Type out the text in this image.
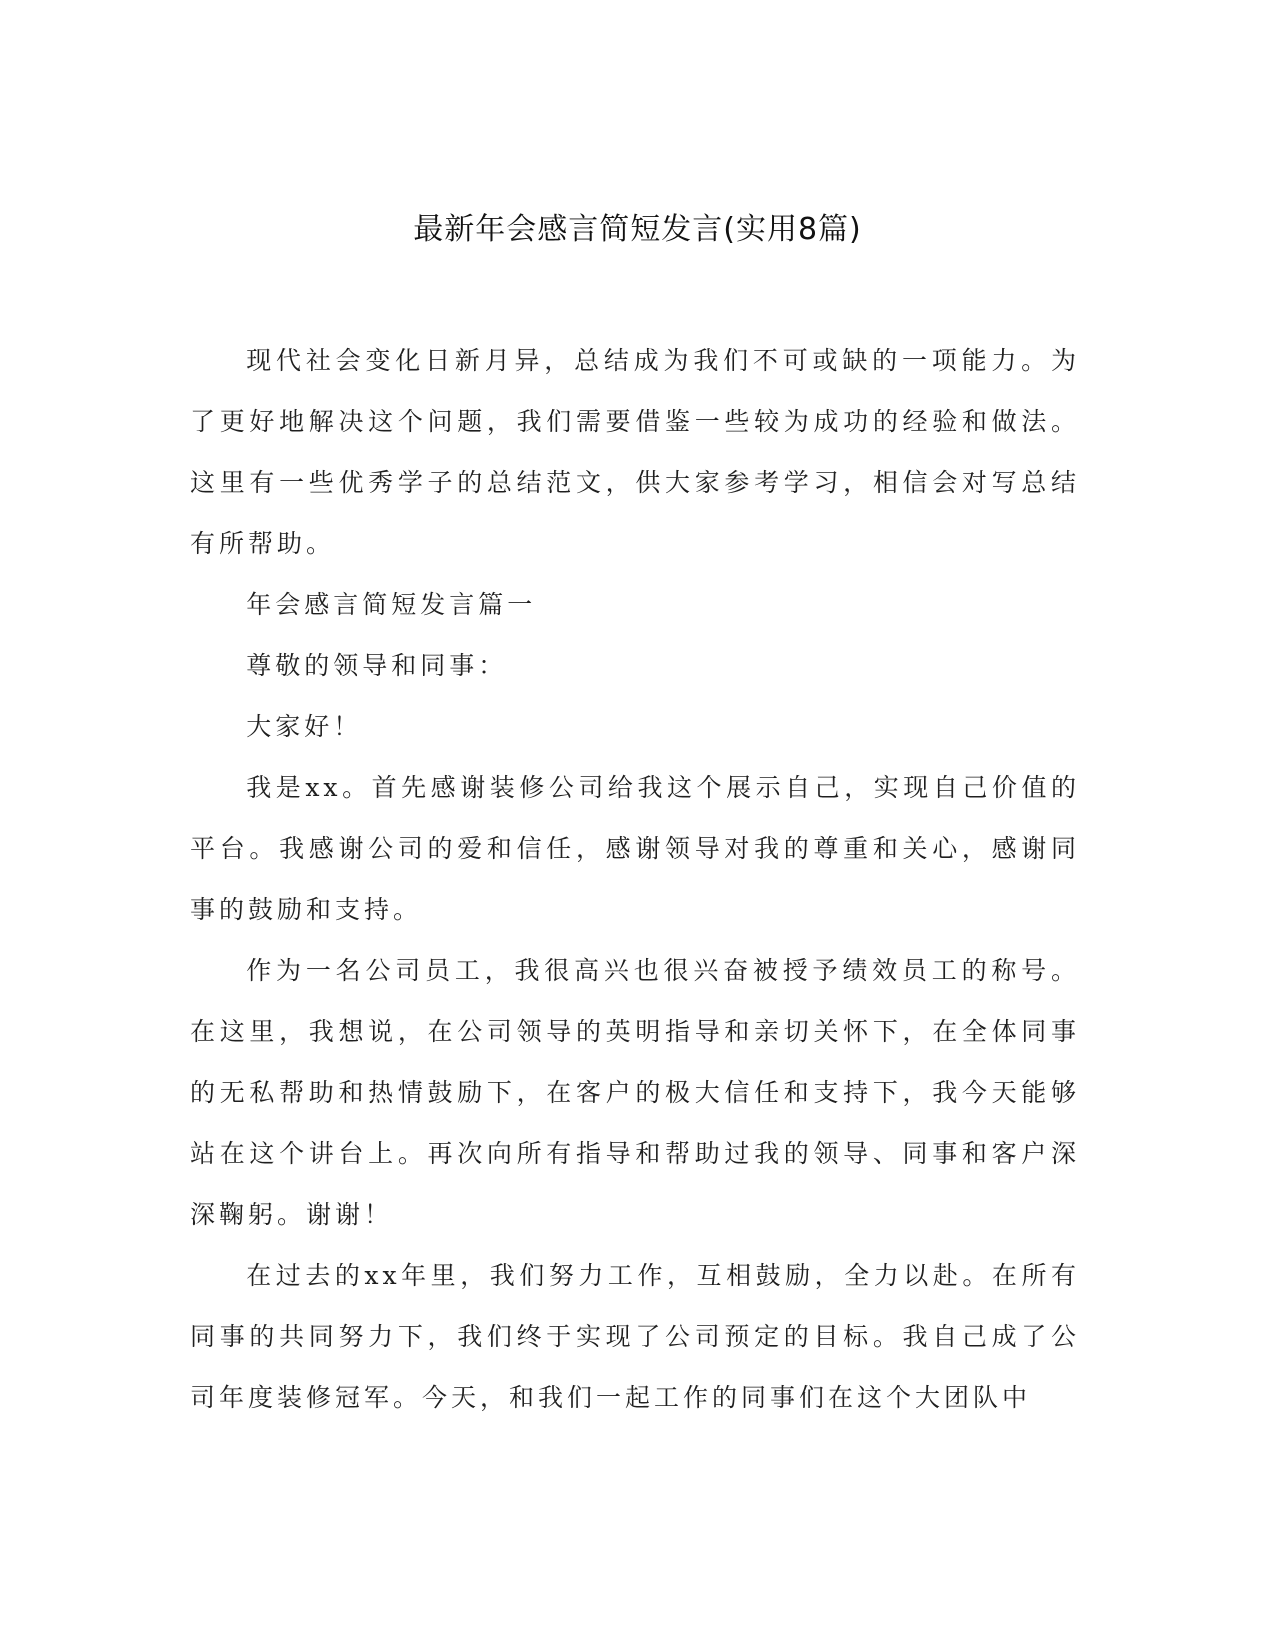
最新年会感言简短发言(实用8篇)

现代社会变化日新月异，总结成为我们不可或缺的一项能力。为了更好地解决这个问题，我们需要借鉴一些较为成功的经验和做法。这里有一些优秀学子的总结范文，供大家参考学习，相信会对写总结有所帮助。

年会感言简短发言篇一

尊敬的领导和同事：

大家好！

我是xx。首先感谢装修公司给我这个展示自己，实现自己价值的平台。我感谢公司的爱和信任，感谢领导对我的尊重和关心，感谢同事的鼓励和支持。

作为一名公司员工，我很高兴也很兴奋被授予绩效员工的称号。在这里，我想说，在公司领导的英明指导和亲切关怀下，在全体同事的无私帮助和热情鼓励下，在客户的极大信任和支持下，我今天能够站在这个讲台上。再次向所有指导和帮助过我的领导、同事和客户深深鞠躬。谢谢！

在过去的xx年里，我们努力工作，互相鼓励，全力以赴。在所有同事的共同努力下，我们终于实现了公司预定的目标。我自己成了公司年度装修冠军。今天，和我们一起工作的同事们在这个大团队中
